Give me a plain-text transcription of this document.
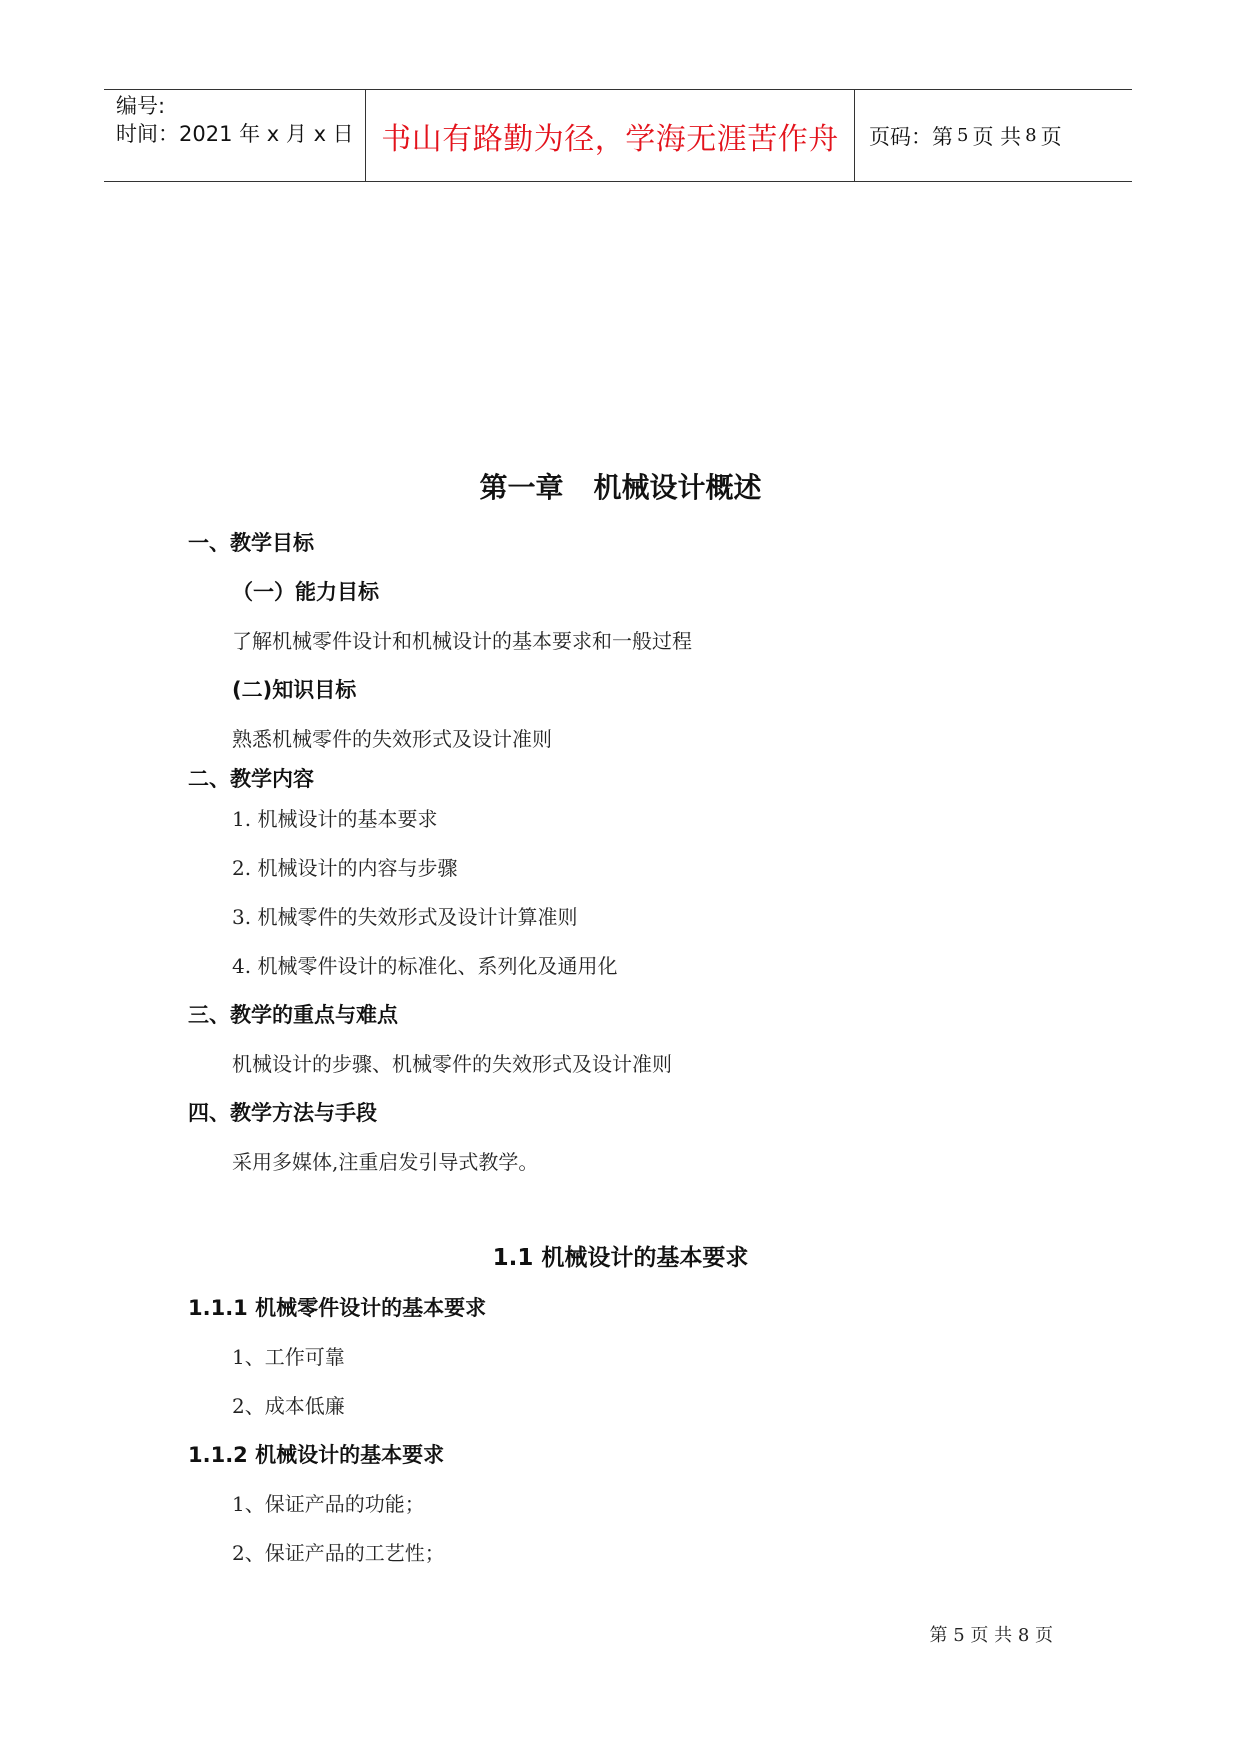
编号:
时间：2021 年 x 月 x 日 书山有路勤为径，学海无涯苦作舟 页码：第 5 页 共 8 页
第一章 机械设计概述
一、教学目标
（一）能力目标
了解机械零件设计和机械设计的基本要求和一般过程
(二)知识目标
熟悉机械零件的失效形式及设计准则
二、教学内容
1. 机械设计的基本要求
2. 机械设计的内容与步骤
3. 机械零件的失效形式及设计计算准则
4. 机械零件设计的标准化、系列化及通用化
三、教学的重点与难点
机械设计的步骤、机械零件的失效形式及设计准则
四、教学方法与手段
采用多媒体,注重启发引导式教学。
1.1 机械设计的基本要求
1.1.1 机械零件设计的基本要求
1、工作可靠
2、成本低廉
1.1.2 机械设计的基本要求
1、保证产品的功能；
2、保证产品的工艺性；
第 5 页 共 8 页
